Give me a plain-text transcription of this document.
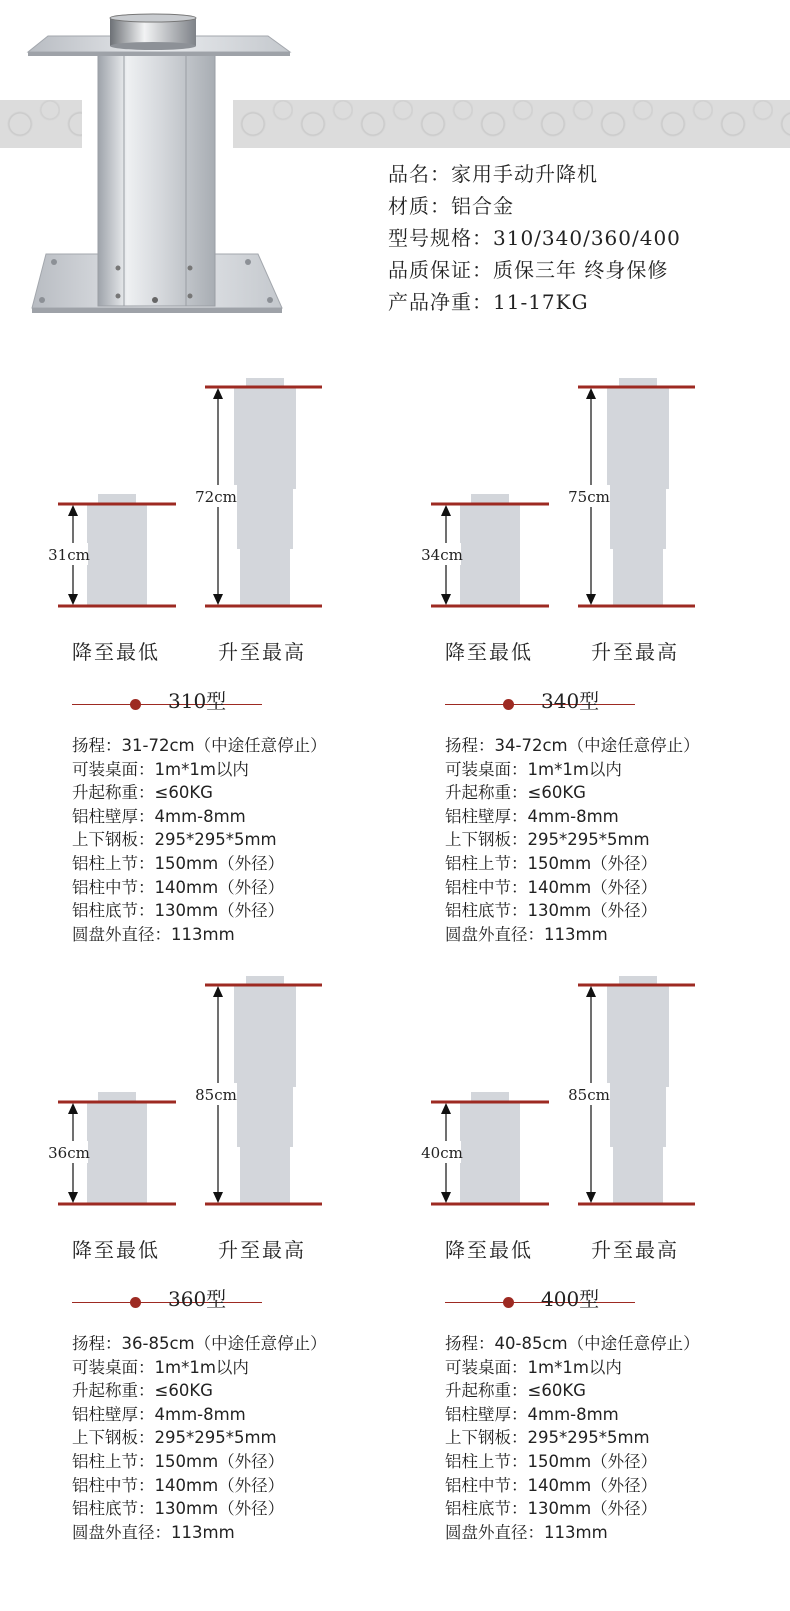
品名：家用手动升降机
材质：铝合金
型号规格：310/340/360/400
品质保证：质保三年 终身保修
产品净重：11-17KG
31cm
72cm
降至最低	升至最高
310型
扬程：31-72cm（中途任意停止）
可装桌面：1m*1m以内
升起称重：≤60KG
铝柱壁厚：4mm-8mm
上下钢板：295*295*5mm
铝柱上节：150mm（外径）
铝柱中节：140mm（外径）
铝柱底节：130mm（外径）
圆盘外直径：113mm
34cm
75cm
降至最低	升至最高
340型
扬程：34-72cm（中途任意停止）
可装桌面：1m*1m以内
升起称重：≤60KG
铝柱壁厚：4mm-8mm
上下钢板：295*295*5mm
铝柱上节：150mm（外径）
铝柱中节：140mm（外径）
铝柱底节：130mm（外径）
圆盘外直径：113mm
36cm
85cm
降至最低	升至最高
360型
扬程：36-85cm（中途任意停止）
可装桌面：1m*1m以内
升起称重：≤60KG
铝柱壁厚：4mm-8mm
上下钢板：295*295*5mm
铝柱上节：150mm（外径）
铝柱中节：140mm（外径）
铝柱底节：130mm（外径）
圆盘外直径：113mm
40cm
85cm
降至最低	升至最高
400型
扬程：40-85cm（中途任意停止）
可装桌面：1m*1m以内
升起称重：≤60KG
铝柱壁厚：4mm-8mm
上下钢板：295*295*5mm
铝柱上节：150mm（外径）
铝柱中节：140mm（外径）
铝柱底节：130mm（外径）
圆盘外直径：113mm
